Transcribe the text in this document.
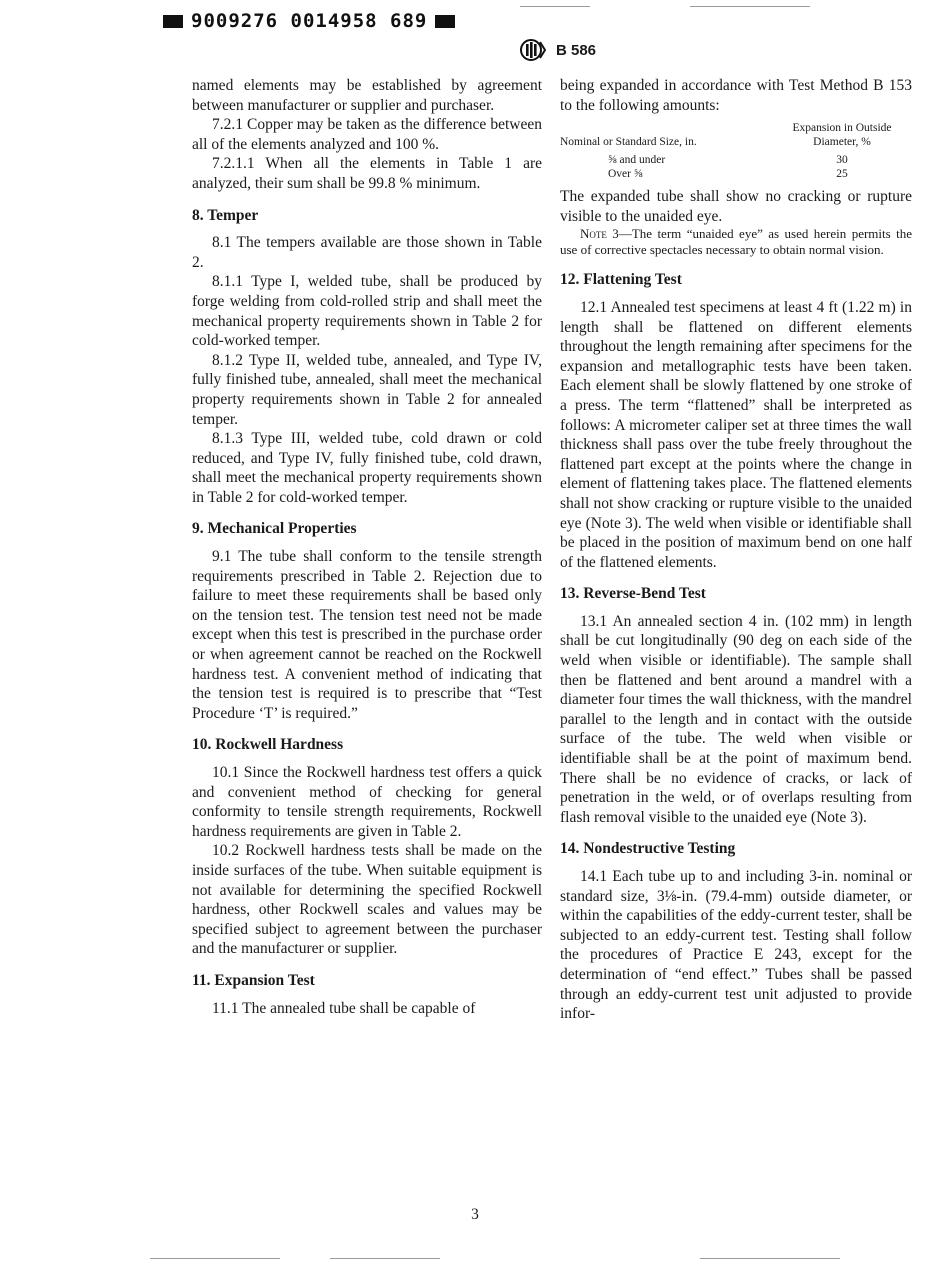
9009276 0014958 689
B 586

named elements may be established by agreement between manufacturer or supplier and purchaser.

7.2.1 Copper may be taken as the difference between all of the elements analyzed and 100 %.

7.2.1.1 When all the elements in Table 1 are analyzed, their sum shall be 99.8 % minimum.

8. Temper

8.1 The tempers available are those shown in Table 2.

8.1.1 Type I, welded tube, shall be produced by forge welding from cold-rolled strip and shall meet the mechanical property requirements shown in Table 2 for cold-worked temper.

8.1.2 Type II, welded tube, annealed, and Type IV, fully finished tube, annealed, shall meet the mechanical property requirements shown in Table 2 for annealed temper.

8.1.3 Type III, welded tube, cold drawn or cold reduced, and Type IV, fully finished tube, cold drawn, shall meet the mechanical property requirements shown in Table 2 for cold-worked temper.

9. Mechanical Properties

9.1 The tube shall conform to the tensile strength requirements prescribed in Table 2. Rejection due to failure to meet these requirements shall be based only on the tension test. The tension test need not be made except when this test is prescribed in the purchase order or when agreement cannot be reached on the Rockwell hardness test. A convenient method of indicating that the tension test is required is to prescribe that “Test Procedure ‘T’ is required.”

10. Rockwell Hardness

10.1 Since the Rockwell hardness test offers a quick and convenient method of checking for general conformity to tensile strength requirements, Rockwell hardness requirements are given in Table 2.

10.2 Rockwell hardness tests shall be made on the inside surfaces of the tube. When suitable equipment is not available for determining the specified Rockwell hardness, other Rockwell scales and values may be specified subject to agreement between the purchaser and the manufacturer or supplier.

11. Expansion Test

11.1 The annealed tube shall be capable of

being expanded in accordance with Test Method B 153 to the following amounts:

	Expansion in Outside
Nominal or Standard Size, in.	Diameter, %

⅝ and under	30
Over ⅝	25

The expanded tube shall show no cracking or rupture visible to the unaided eye.

Note 3—The term “unaided eye” as used herein permits the use of corrective spectacles necessary to obtain normal vision.

12. Flattening Test

12.1 Annealed test specimens at least 4 ft (1.22 m) in length shall be flattened on different elements throughout the length remaining after specimens for the expansion and metallographic tests have been taken. Each element shall be slowly flattened by one stroke of a press. The term “flattened” shall be interpreted as follows: A micrometer caliper set at three times the wall thickness shall pass over the tube freely throughout the flattened part except at the points where the change in element of flattening takes place. The flattened elements shall not show cracking or rupture visible to the unaided eye (Note 3). The weld when visible or identifiable shall be placed in the position of maximum bend on one half of the flattened elements.

13. Reverse-Bend Test

13.1 An annealed section 4 in. (102 mm) in length shall be cut longitudinally (90 deg on each side of the weld when visible or identifiable). The sample shall then be flattened and bent around a mandrel with a diameter four times the wall thickness, with the mandrel parallel to the length and in contact with the outside surface of the tube. The weld when visible or identifiable shall be at the point of maximum bend. There shall be no evidence of cracks, or lack of penetration in the weld, or of overlaps resulting from flash removal visible to the unaided eye (Note 3).

14. Nondestructive Testing

14.1 Each tube up to and including 3-in. nominal or standard size, 3⅛-in. (79.4-mm) outside diameter, or within the capabilities of the eddy-current tester, shall be subjected to an eddy-current test. Testing shall follow the procedures of Practice E 243, except for the determination of “end effect.” Tubes shall be passed through an eddy-current test unit adjusted to provide infor-

3
